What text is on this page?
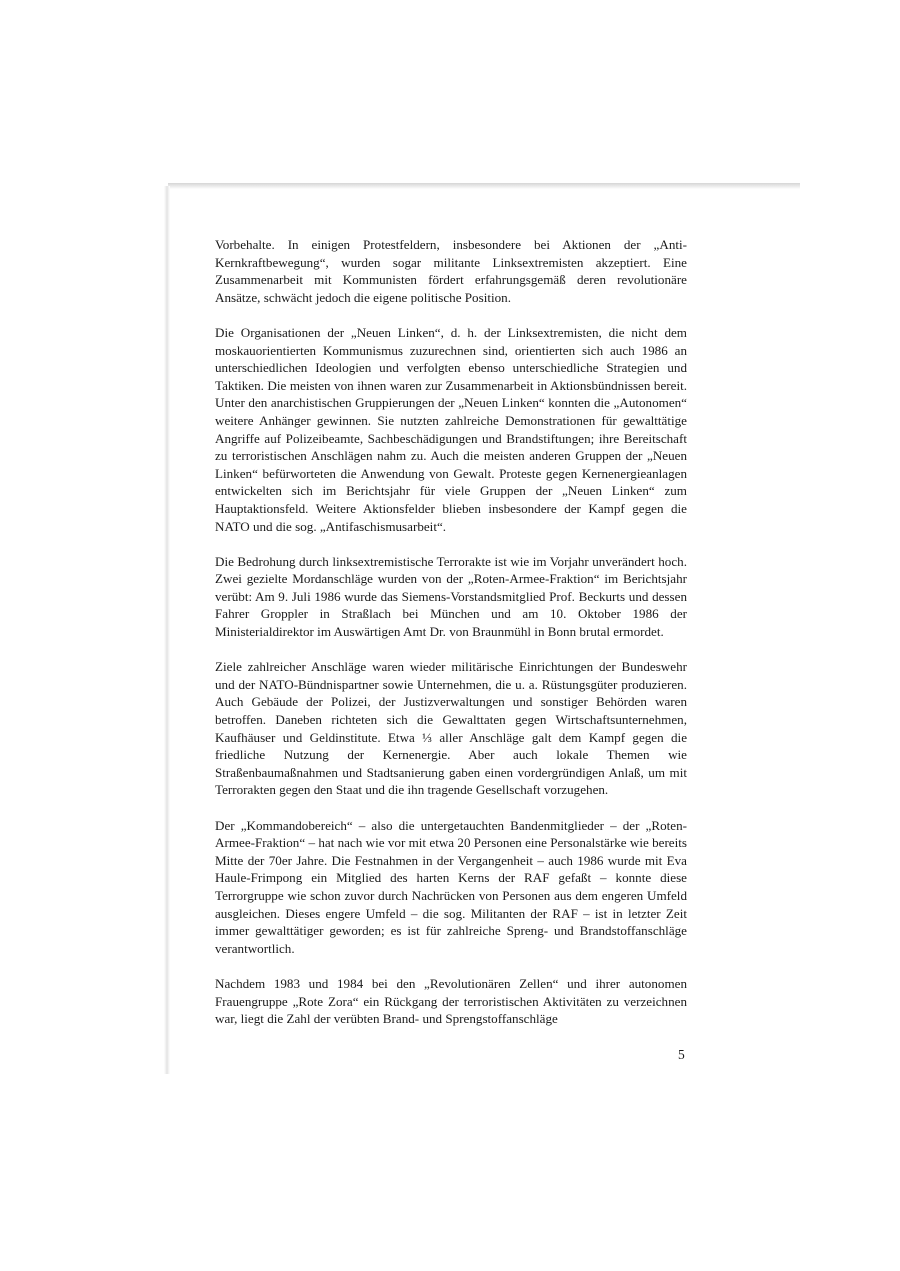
Vorbehalte. In einigen Protestfeldern, insbesondere bei Aktionen der „Anti-Kernkraftbewegung“, wurden sogar militante Linksextremisten akzeptiert. Eine Zusammenarbeit mit Kommunisten fördert erfahrungsgemäß deren revolutionäre Ansätze, schwächt jedoch die eigene politische Position.

Die Organisationen der „Neuen Linken“, d. h. der Linksextremisten, die nicht dem moskauorientierten Kommunismus zuzurechnen sind, orientierten sich auch 1986 an unterschiedlichen Ideologien und verfolgten ebenso unterschiedliche Strategien und Taktiken. Die meisten von ihnen waren zur Zusammenarbeit in Aktionsbündnissen bereit. Unter den anarchistischen Gruppierungen der „Neuen Linken“ konnten die „Autonomen“ weitere Anhänger gewinnen. Sie nutzten zahlreiche Demonstrationen für gewalttätige Angriffe auf Polizeibeamte, Sachbeschädigungen und Brandstiftungen; ihre Bereitschaft zu terroristischen Anschlägen nahm zu. Auch die meisten anderen Gruppen der „Neuen Linken“ befürworteten die Anwendung von Gewalt. Proteste gegen Kernenergieanlagen entwickelten sich im Berichtsjahr für viele Gruppen der „Neuen Linken“ zum Hauptaktionsfeld. Weitere Aktionsfelder blieben insbesondere der Kampf gegen die NATO und die sog. „Antifaschismusarbeit“.

Die Bedrohung durch linksextremistische Terrorakte ist wie im Vorjahr unverändert hoch. Zwei gezielte Mordanschläge wurden von der „Roten-Armee-Fraktion“ im Berichtsjahr verübt: Am 9. Juli 1986 wurde das Siemens-Vorstandsmitglied Prof. Beckurts und dessen Fahrer Groppler in Straßlach bei München und am 10. Oktober 1986 der Ministerialdirektor im Auswärtigen Amt Dr. von Braunmühl in Bonn brutal ermordet.

Ziele zahlreicher Anschläge waren wieder militärische Einrichtungen der Bundeswehr und der NATO-Bündnispartner sowie Unternehmen, die u. a. Rüstungsgüter produzieren. Auch Gebäude der Polizei, der Justizverwaltungen und sonstiger Behörden waren betroffen. Daneben richteten sich die Gewalttaten gegen Wirtschaftsunternehmen, Kaufhäuser und Geldinstitute. Etwa ⅓ aller Anschläge galt dem Kampf gegen die friedliche Nutzung der Kernenergie. Aber auch lokale Themen wie Straßenbaumaßnahmen und Stadtsanierung gaben einen vordergründigen Anlaß, um mit Terrorakten gegen den Staat und die ihn tragende Gesellschaft vorzugehen.

Der „Kommandobereich“ – also die untergetauchten Bandenmitglieder – der „Roten-Armee-Fraktion“ – hat nach wie vor mit etwa 20 Personen eine Personalstärke wie bereits Mitte der 70er Jahre. Die Festnahmen in der Vergangenheit – auch 1986 wurde mit Eva Haule-Frimpong ein Mitglied des harten Kerns der RAF gefaßt – konnte diese Terrorgruppe wie schon zuvor durch Nachrücken von Personen aus dem engeren Umfeld ausgleichen. Dieses engere Umfeld – die sog. Militanten der RAF – ist in letzter Zeit immer gewalttätiger geworden; es ist für zahlreiche Spreng- und Brandstoffanschläge verantwortlich.

Nachdem 1983 und 1984 bei den „Revolutionären Zellen“ und ihrer autonomen Frauengruppe „Rote Zora“ ein Rückgang der terroristischen Aktivitäten zu verzeichnen war, liegt die Zahl der verübten Brand- und Sprengstoffanschläge

5
